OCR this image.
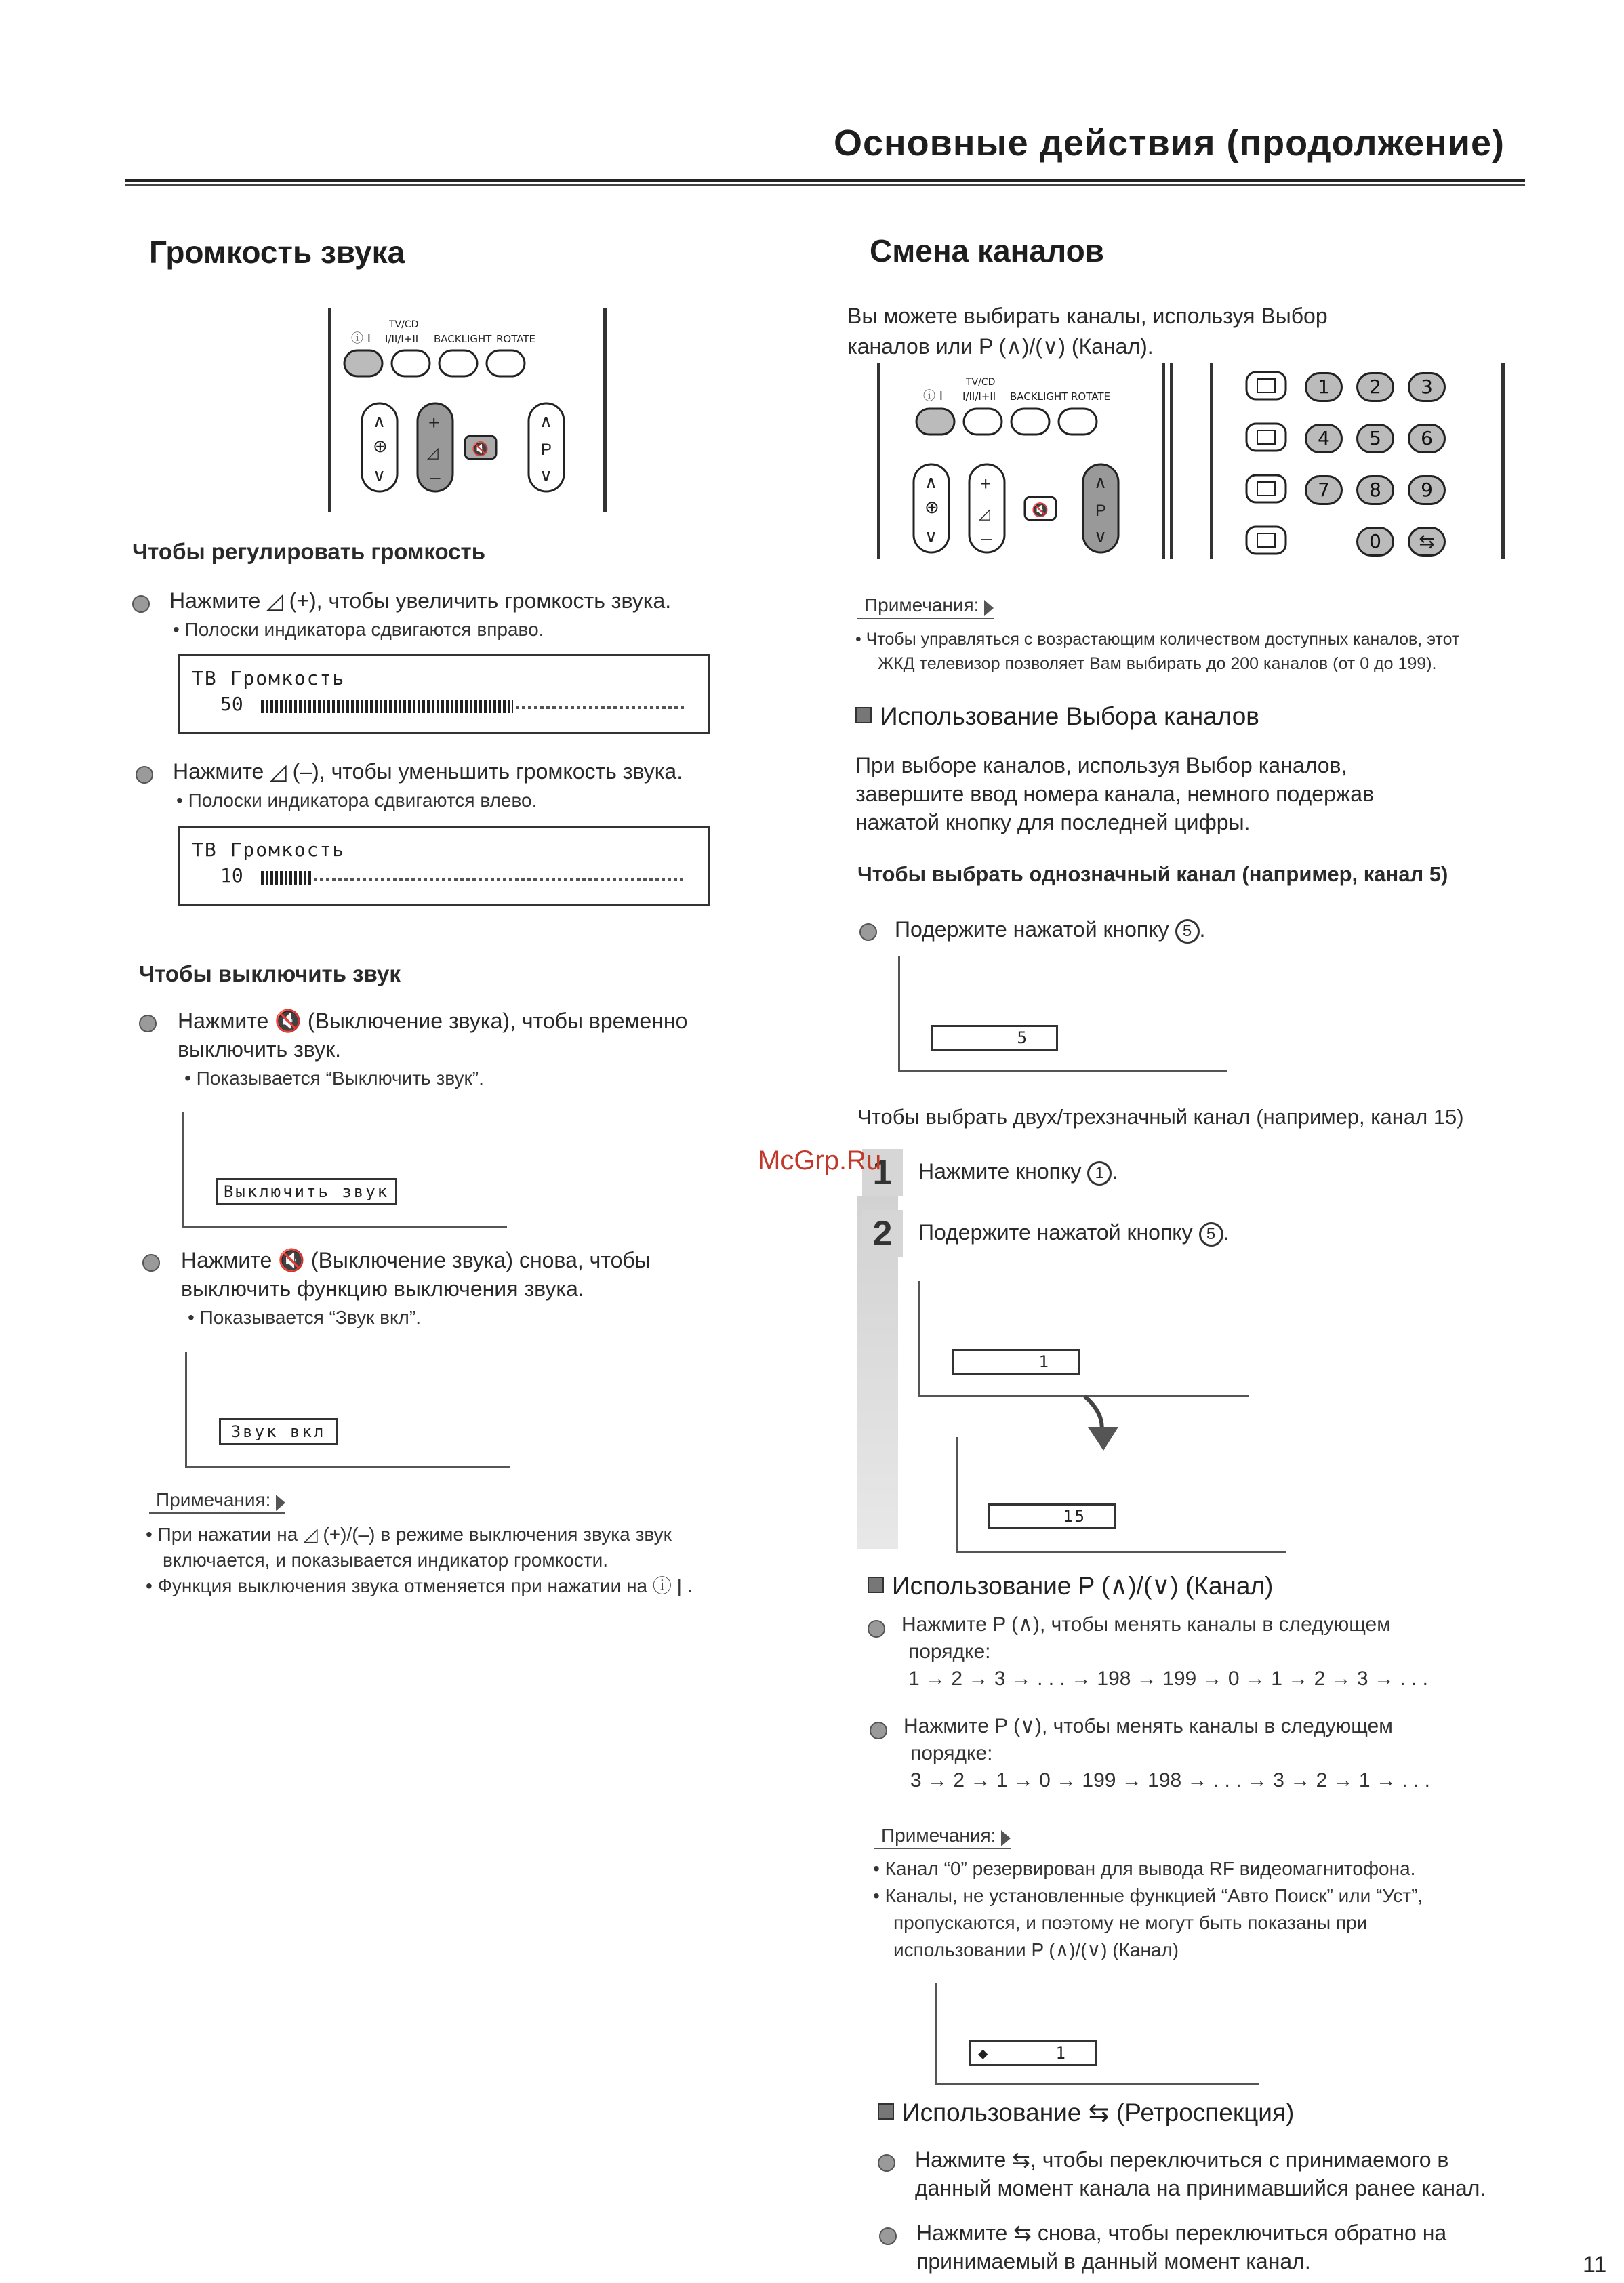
Основные действия (продолжение)
Громкость звука
ⓘ I
TV/CD
I/II/I+II BACKLIGHT ROTATE
∧
⊕
∨
+
◿
–
🔇
∧
P
∨
Чтобы регулировать громкость
Нажмите ◿ (+), чтобы увеличить громкость звука.
• Полоски индикатора сдвигаются вправо.
ТВ Громкость
50
Нажмите ◿ (–), чтобы уменьшить громкость звука.
• Полоски индикатора сдвигаются влево.
ТВ Громкость
10
Чтобы выключить звук
Нажмите 🔇 (Выключение звука), чтобы временно
выключить звук.
• Показывается “Выключить звук”.
Выключить звук
Нажмите 🔇 (Выключение звука) снова, чтобы
выключить функцию выключения звука.
• Показывается “Звук вкл”.
Звук вкл
Примечания:
• При нажатии на ◿ (+)/(–) в режиме выключения звука звук
включается, и показывается индикатор громкости.
• Функция выключения звука отменяется при нажатии на ⓘ | .
Смена каналов
Вы можете выбирать каналы, используя Выбор
каналов или P (∧)/(∨) (Канал).
ⓘ I
TV/CD
I/II/I+II BACKLIGHT ROTATE
∧
⊕
∨
+
◿
–
🔇
∧
P
∨
1	2	3
4	5	6
7	8	9
0	⇆
Примечания:
• Чтобы управляться с возрастающим количеством доступных каналов, этот
ЖКД телевизор позволяет Вам выбирать до 200 каналов (от 0 до 199).
Использование Выбора каналов
При выборе каналов, используя Выбор каналов,
завершите ввод номера канала, немного подержав
нажатой кнопку для последней цифры.
Чтобы выбрать однозначный канал (например, канал 5)
Подержите нажатой кнопку 5 .
5
Чтобы выбрать двух/трехзначный канал (например, канал 15)
1	Нажмите кнопку 1 .
2	Подержите нажатой кнопку 5 .
1
15
Использование P (∧)/(∨) (Канал)
Нажмите P (∧), чтобы менять каналы в следующем
порядке:
1 → 2 → 3 → . . . → 198 → 199 → 0 → 1 → 2 → 3 → . . .
Нажмите P (∨), чтобы менять каналы в следующем
порядке:
3 → 2 → 1 → 0 → 199 → 198 → . . . → 3 → 2 → 1 → . . .
Примечания:
• Канал “0” резервирован для вывода RF видеомагнитофона.
• Каналы, не установленные функцией “Авто Поиск” или “Уст”,
пропускаются, и поэтому не могут быть показаны при
использовании P (∧)/(∨) (Канал)
◆	1
Использование ⇆ (Ретроспекция)
Нажмите ⇆, чтобы переключиться с принимаемого в
данный момент канала на принимавшийся ранее канал.
Нажмите ⇆ снова, чтобы переключиться обратно на
принимаемый в данный момент канал.
McGrp.Ru
11
